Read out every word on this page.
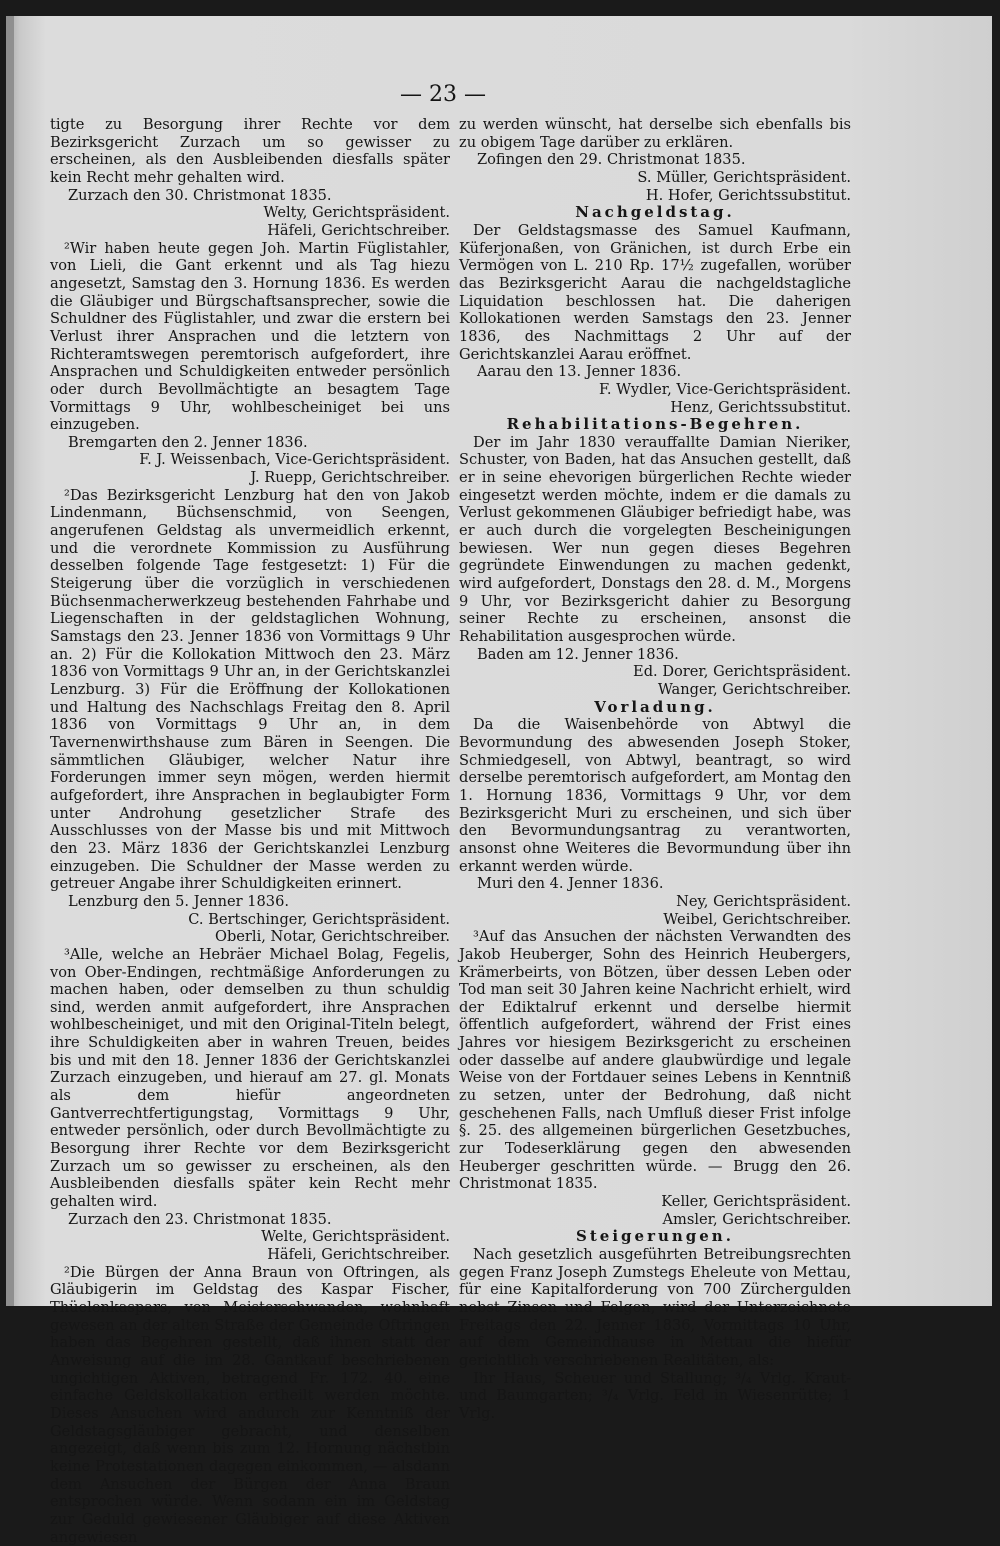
— 23 —

tigte zu Besorgung ihrer Rechte vor dem Bezirksgericht Zurzach um so gewisser zu erscheinen, als den Ausbleibenden diesfalls später kein Recht mehr gehalten wird.

Zurzach den 30. Christmonat 1835.

Welty, Gerichtspräsident.

Häfeli, Gerichtschreiber.

²Wir haben heute gegen Joh. Martin Füglistahler, von Lieli, die Gant erkennt und als Tag hiezu angesetzt, Samstag den 3. Hornung 1836. Es werden die Gläubiger und Bürgschaftsansprecher, sowie die Schuldner des Füglistahler, und zwar die erstern bei Verlust ihrer Ansprachen und die letztern von Richteramtswegen peremtorisch aufgefordert, ihre Ansprachen und Schuldigkeiten entweder persönlich oder durch Bevollmächtigte an besagtem Tage Vormittags 9 Uhr, wohlbescheiniget bei uns einzugeben.

Bremgarten den 2. Jenner 1836.

F. J. Weissenbach, Vice-Gerichtspräsident.

J. Ruepp, Gerichtschreiber.

²Das Bezirksgericht Lenzburg hat den von Jakob Lindenmann, Büchsenschmid, von Seengen, angerufenen Geldstag als unvermeidlich erkennt, und die verordnete Kommission zu Ausführung desselben folgende Tage festgesetzt: 1) Für die Steigerung über die vorzüglich in verschiedenen Büchsenmacherwerkzeug bestehenden Fahrhabe und Liegenschaften in der geldstaglichen Wohnung, Samstags den 23. Jenner 1836 von Vormittags 9 Uhr an. 2) Für die Kollokation Mittwoch den 23. März 1836 von Vormittags 9 Uhr an, in der Gerichtskanzlei Lenzburg. 3) Für die Eröffnung der Kollokationen und Haltung des Nachschlags Freitag den 8. April 1836 von Vormittags 9 Uhr an, in dem Tavernenwirthshause zum Bären in Seengen. Die sämmtlichen Gläubiger, welcher Natur ihre Forderungen immer seyn mögen, werden hiermit aufgefordert, ihre Ansprachen in beglaubigter Form unter Androhung gesetzlicher Strafe des Ausschlusses von der Masse bis und mit Mittwoch den 23. März 1836 der Gerichtskanzlei Lenzburg einzugeben. Die Schuldner der Masse werden zu getreuer Angabe ihrer Schuldigkeiten erinnert.

Lenzburg den 5. Jenner 1836.

C. Bertschinger, Gerichtspräsident.

Oberli, Notar, Gerichtschreiber.

³Alle, welche an Hebräer Michael Bolag, Fegelis, von Ober-Endingen, rechtmäßige Anforderungen zu machen haben, oder demselben zu thun schuldig sind, werden anmit aufgefordert, ihre Ansprachen wohlbescheiniget, und mit den Original-Titeln belegt, ihre Schuldigkeiten aber in wahren Treuen, beides bis und mit den 18. Jenner 1836 der Gerichtskanzlei Zurzach einzugeben, und hierauf am 27. gl. Monats als dem hiefür angeordneten Gantverrechtfertigungstag, Vormittags 9 Uhr, entweder persönlich, oder durch Bevollmächtigte zu Besorgung ihrer Rechte vor dem Bezirksgericht Zurzach um so gewisser zu erscheinen, als den Ausbleibenden diesfalls später kein Recht mehr gehalten wird.

Zurzach den 23. Christmonat 1835.

Welte, Gerichtspräsident.

Häfeli, Gerichtschreiber.

²Die Bürgen der Anna Braun von Oftringen, als Gläubigerin im Geldstag des Kaspar Fischer, Thüelenkaspars, von Meisterschwanden, wohnhaft gewesen an der alten Straße der Gemeinde Oftringen haben das Begehren gestellt, daß ihnen statt der Anweisung auf die im 28. Gantkauf beschriebenen ungichtigen Aktiven, betragend Fr. 172. 40. eine einfache Geldskollakation ertheilt werden möchte. Dieses Ansuchen wird andurch zur Kenntniß der Geldstagsgläubiger gebracht, und denselben angezeigt, daß wenn bis zum 12. Hornung nächstbin keine Protestationen dagegen einkommen, — alsdann dem Ansuchen der Bürgen der Anna Braun entsprochen würde. Wenn sodann ein im Geldstag zur Geduld gewiesener Gläubiger auf diese Aktiven angewiesen

zu werden wünscht, hat derselbe sich ebenfalls bis zu obigem Tage darüber zu erklären.

Zofingen den 29. Christmonat 1835.

S. Müller, Gerichtspräsident.

H. Hofer, Gerichtssubstitut.

Nachgeldstag.

Der Geldstagsmasse des Samuel Kaufmann, Küferjonaßen, von Gränichen, ist durch Erbe ein Vermögen von L. 210 Rp. 17½ zugefallen, worüber das Bezirksgericht Aarau die nachgeldstagliche Liquidation beschlossen hat. Die daherigen Kollokationen werden Samstags den 23. Jenner 1836, des Nachmittags 2 Uhr auf der Gerichtskanzlei Aarau eröffnet.

Aarau den 13. Jenner 1836.

F. Wydler, Vice-Gerichtspräsident.

Henz, Gerichtssubstitut.

Rehabilitations-Begehren.

Der im Jahr 1830 verauffallte Damian Nieriker, Schuster, von Baden, hat das Ansuchen gestellt, daß er in seine ehevorigen bürgerlichen Rechte wieder eingesetzt werden möchte, indem er die damals zu Verlust gekommenen Gläubiger befriedigt habe, was er auch durch die vorgelegten Bescheinigungen bewiesen. Wer nun gegen dieses Begehren gegründete Einwendungen zu machen gedenkt, wird aufgefordert, Donstags den 28. d. M., Morgens 9 Uhr, vor Bezirksgericht dahier zu Besorgung seiner Rechte zu erscheinen, ansonst die Rehabilitation ausgesprochen würde.

Baden am 12. Jenner 1836.

Ed. Dorer, Gerichtspräsident.

Wanger, Gerichtschreiber.

Vorladung.

Da die Waisenbehörde von Abtwyl die Bevormundung des abwesenden Joseph Stoker, Schmiedgesell, von Abtwyl, beantragt, so wird derselbe peremtorisch aufgefordert, am Montag den 1. Hornung 1836, Vormittags 9 Uhr, vor dem Bezirksgericht Muri zu erscheinen, und sich über den Bevormundungsantrag zu verantworten, ansonst ohne Weiteres die Bevormundung über ihn erkannt werden würde.

Muri den 4. Jenner 1836.

Ney, Gerichtspräsident.

Weibel, Gerichtschreiber.

³Auf das Ansuchen der nächsten Verwandten des Jakob Heuberger, Sohn des Heinrich Heubergers, Krämerbeirts, von Bötzen, über dessen Leben oder Tod man seit 30 Jahren keine Nachricht erhielt, wird der Ediktalruf erkennt und derselbe hiermit öffentlich aufgefordert, während der Frist eines Jahres vor hiesigem Bezirksgericht zu erscheinen oder dasselbe auf andere glaubwürdige und legale Weise von der Fortdauer seines Lebens in Kenntniß zu setzen, unter der Bedrohung, daß nicht geschehenen Falls, nach Umfluß dieser Frist infolge §. 25. des allgemeinen bürgerlichen Gesetzbuches, zur Todeserklärung gegen den abwesenden Heuberger geschritten würde. — Brugg den 26. Christmonat 1835.

Keller, Gerichtspräsident.

Amsler, Gerichtschreiber.

Steigerungen.

Nach gesetzlich ausgeführten Betreibungsrechten gegen Franz Joseph Zumstegs Eheleute von Mettau, für eine Kapitalforderung von 700 Zürchergulden nebst Zinsen und Folgen, wird der Unterzeichnete Freitags den 22. Jenner 1836, Vormittags 10 Uhr, auf dem Gemeindhause in Mettau die hiefür gerichtlich verschriebenen Realitäten, als:

Ihr Haus, Scheuer und Stallung; ³/₄ Vrlg. Kraut- und Baumgarten; ³/₄ Vrlg. Feld in Wiesenrütte; 1 Vrlg.
